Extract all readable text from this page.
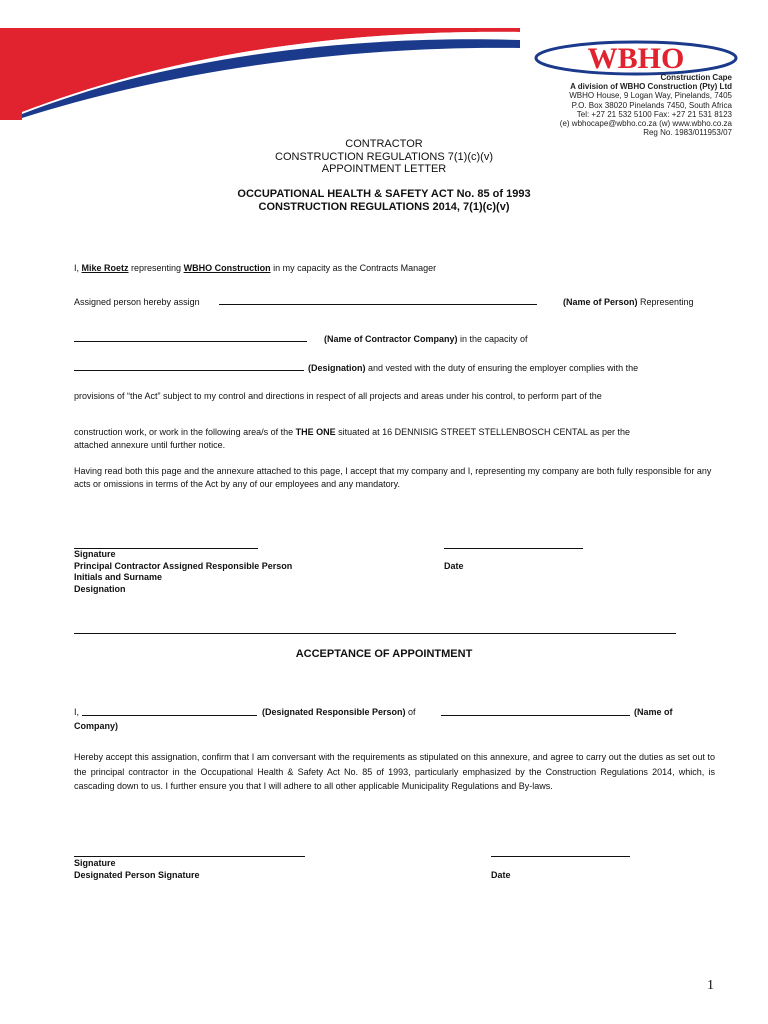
WBHO
Construction Cape
A division of WBHO Construction (Pty) Ltd
WBHO House, 9 Logan Way, Pinelands, 7405
P.O. Box 38020 Pinelands 7450, South Africa
Tel: +27 21 532 5100 Fax: +27 21 531 8123
(e) wbhocape@wbho.co.za (w) www.wbho.co.za
Reg No. 1983/011953/07
CONTRACTOR
CONSTRUCTION REGULATIONS 7(1)(c)(v)
APPOINTMENT LETTER
OCCUPATIONAL HEALTH & SAFETY ACT No. 85 of 1993
CONSTRUCTION REGULATIONS 2014, 7(1)(c)(v)
I, Mike Roetz representing WBHO Construction in my capacity as the Contracts Manager
Assigned person hereby assign	(Name of Person) Representing
(Name of Contractor Company) in the capacity of
(Designation) and vested with the duty of ensuring the employer complies with the
provisions of “the Act” subject to my control and directions in respect of all projects and areas under his control, to perform part of the
construction work, or work in the following area/s of the THE ONE situated at 16 DENNISIG STREET STELLENBOSCH CENTAL as per the
attached annexure until further notice.
Having read both this page and the annexure attached to this page, I accept that my company and I, representing my company are both fully responsible for any acts or omissions in terms of the Act by any of our employees and any mandatory.
Signature
Principal Contractor Assigned Responsible Person
Initials and Surname
Designation
Date
ACCEPTANCE OF APPOINTMENT
I,	(Designated Responsible Person) of	(Name of
Company)
Hereby accept this assignation, confirm that I am conversant with the requirements as stipulated on this annexure, and agree to carry out the duties as set out to the principal contractor in the Occupational Health & Safety Act No. 85 of 1993, particularly emphasized by the Construction Regulations 2014, which, is cascading down to us. I further ensure you that I will adhere to all other applicable Municipality Regulations and By-laws.
Signature
Designated Person Signature	Date
1
